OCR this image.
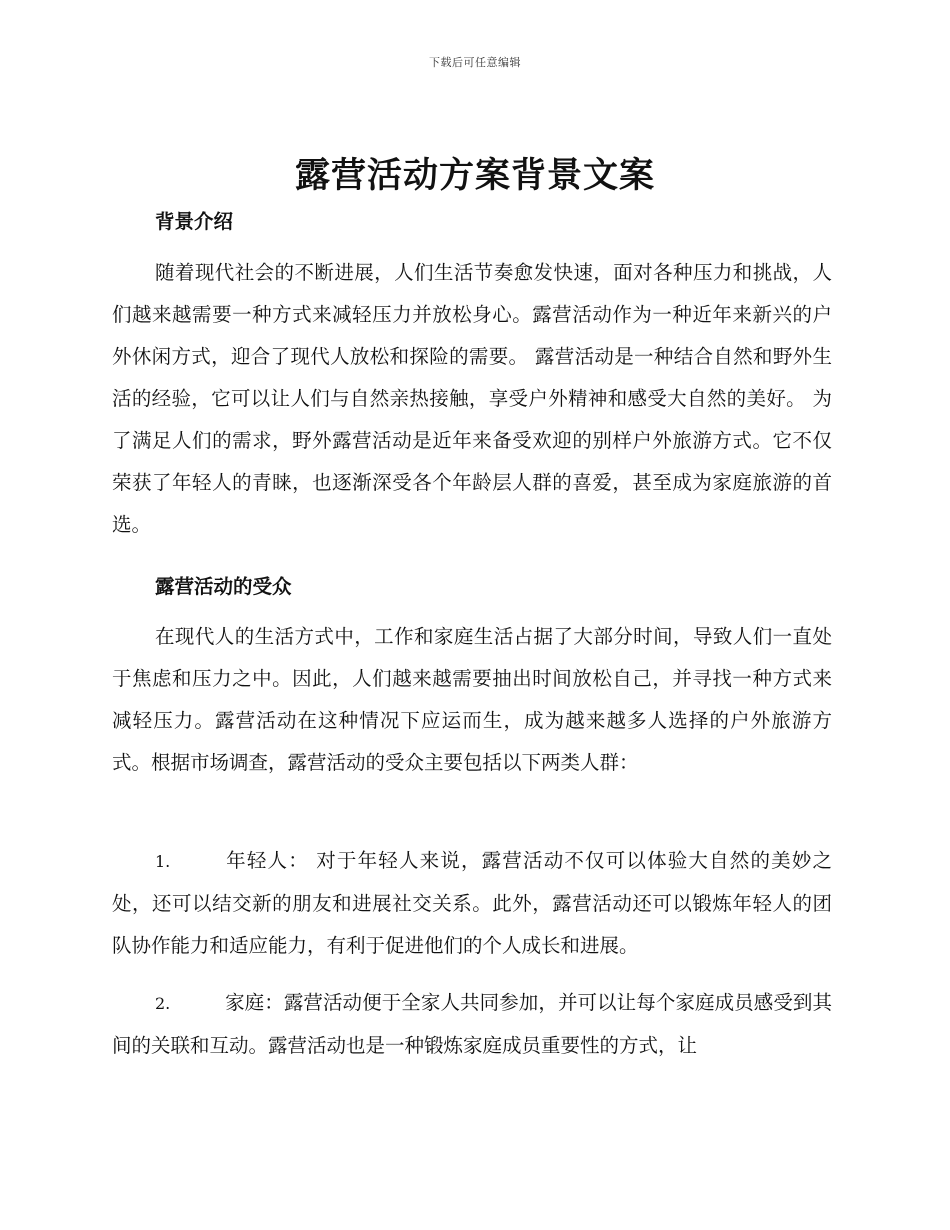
下载后可任意编辑
露营活动方案背景文案
背景介绍

随着现代社会的不断进展，人们生活节奏愈发快速，面对各种压力和挑战，人们越来越需要一种方式来减轻压力并放松身心。露营活动作为一种近年来新兴的户外休闲方式，迎合了现代人放松和探险的需要。 露营活动是一种结合自然和野外生活的经验，它可以让人们与自然亲热接触，享受户外精神和感受大自然的美好。 为了满足人们的需求，野外露营活动是近年来备受欢迎的别样户外旅游方式。它不仅荣获了年轻人的青睐，也逐渐深受各个年龄层人群的喜爱，甚至成为家庭旅游的首选。

露营活动的受众

在现代人的生活方式中，工作和家庭生活占据了大部分时间，导致人们一直处于焦虑和压力之中。因此，人们越来越需要抽出时间放松自己，并寻找一种方式来减轻压力。露营活动在这种情况下应运而生，成为越来越多人选择的户外旅游方式。根据市场调查，露营活动的受众主要包括以下两类人群：

1.	年轻人： 对于年轻人来说，露营活动不仅可以体验大自然的美妙之处，还可以结交新的朋友和进展社交关系。此外，露营活动还可以锻炼年轻人的团队协作能力和适应能力，有利于促进他们的个人成长和进展。

2.	家庭：露营活动便于全家人共同参加，并可以让每个家庭成员感受到其间的关联和互动。露营活动也是一种锻炼家庭成员重要性的方式，让
